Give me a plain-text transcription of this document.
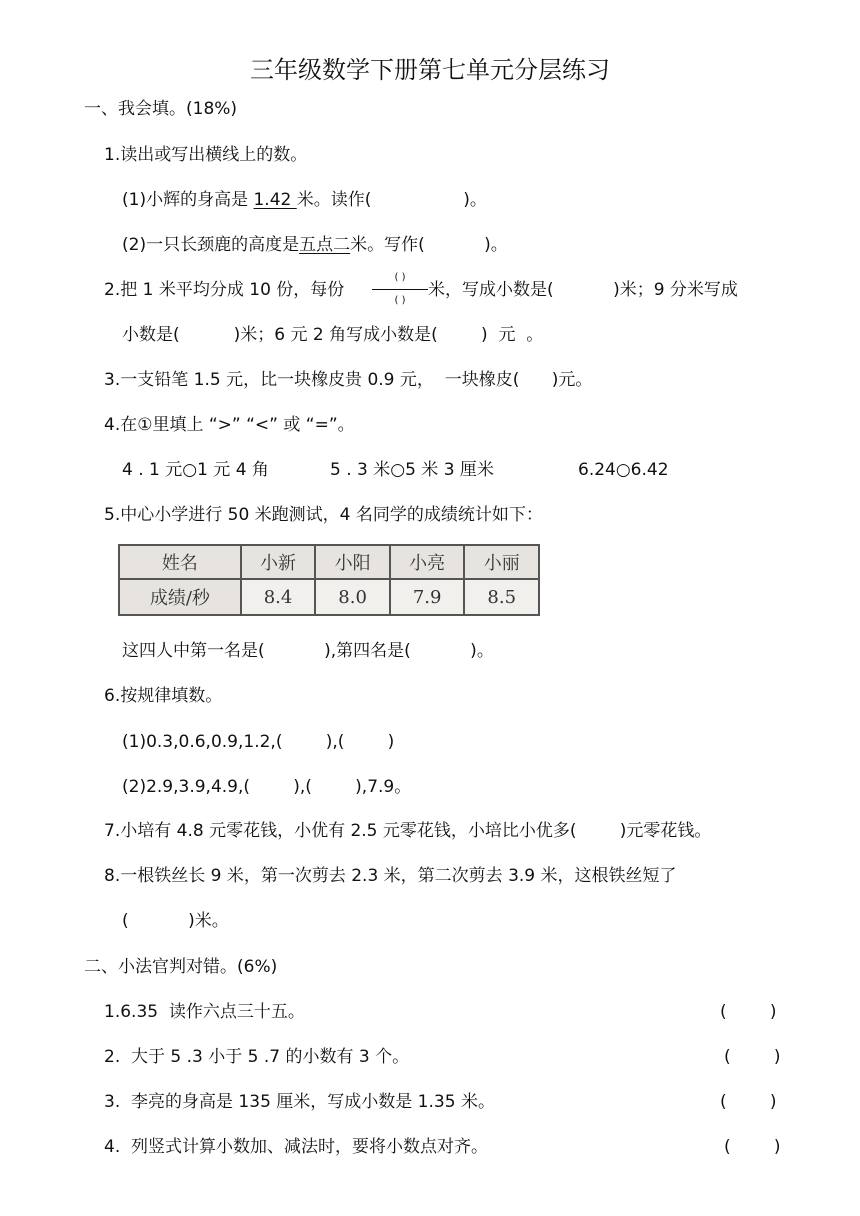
三年级数学下册第七单元分层练习
一、我会填。(18%)
1.读出或写出横线上的数。
(1)小辉的身高是 1.42 米。读作(                 )。
(2)一只长颈鹿的高度是五点二米。写作(           )。
2.把 1 米平均分成 10 份，每份
( )
( )
米，写成小数是(           )米；9 分米写成
小数是(          )米；6 元 2 角写成小数是(        )  元  。
3.一支铅笔 1.5 元，比一块橡皮贵 0.9 元，  一块橡皮(      )元。
4.在①里填上 “>” “<” 或 “=”。
4 . 1 元○1 元 4 角	5 . 3 米○5 米 3 厘米	6.24○6.42
5.中心小学进行 50 米跑测试，4 名同学的成绩统计如下：
姓名	小新	小阳	小亮	小丽
成绩/秒	8.4	8.0	7.9	8.5
这四人中第一名是(           ),第四名是(           )。
6.按规律填数。
(1)0.3,0.6,0.9,1.2,(        ),(        )
(2)2.9,3.9,4.9,(        ),(        ),7.9。
7.小培有 4.8 元零花钱，小优有 2.5 元零花钱，小培比小优多(        )元零花钱。
8.一根铁丝长 9 米，第一次剪去 2.3 米，第二次剪去 3.9 米，这根铁丝短了
(           )米。
二、小法官判对错。(6%)
1.6.35  读作六点三十五。	(        )
2.  大于 5 .3 小于 5 .7 的小数有 3 个。	(        )
3.  李亮的身高是 135 厘米，写成小数是 1.35 米。	(        )
4.  列竖式计算小数加、减法时，要将小数点对齐。	(        )
